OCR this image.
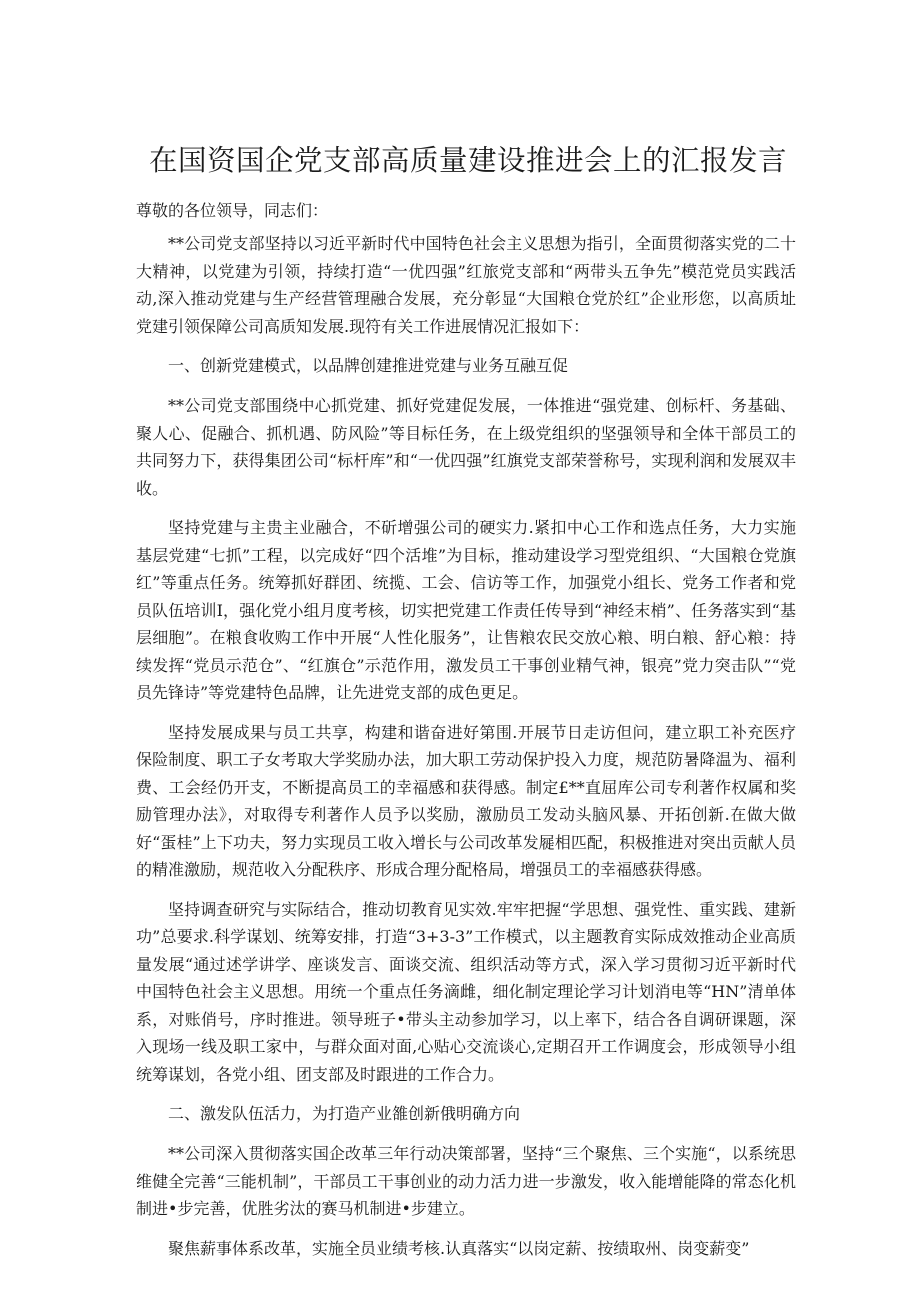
在国资国企党支部高质量建设推进会上的汇报发言
尊敬的各位领导，同志们：

**公司党支部坚持以习近平新时代中国特色社会主义思想为指引，全面贯彻落实党的二十大精神，以党建为引领，持续打造“一优四强”红旅党支部和“两带头五争先”模范党员实践活动,深入推动党建与生产经营管理融合发展，充分彰显“大国粮仓党於红”企业形您，以高质址党建引领保障公司高质知发展.现符有关工作进展情况汇报如下：

一、创新党建模式，以品牌创建推进党建与业务互融互促

**公司党支部围绕中心抓党建、抓好党建促发展，一体推进“强党建、创标杆、务基础、聚人心、促融合、抓机遇、防风险”等目标任务，在上级党组织的坚强领导和全体干部员工的共同努力下，获得集团公司“标杆库”和“一优四强”红旗党支部荣誉称号，实现利润和发展双丰收。

坚持党建与主贵主业融合，不斫增强公司的硬实力.紧扣中心工作和选点任务，大力实施基层党建“七抓”工程，以完成好“四个活堆”为目标，推动建设学习型党组织、“大国粮仓党旗红”等重点任务。统筹抓好群团、统揽、工会、信访等工作，加强党小组长、党务工作者和党员队伍培训I，强化党小组月度考核，切实把党建工作责任传导到“神经末梢”、任务落实到“基层细胞”。在粮食收购工作中开展“人性化服务”，让售粮农民交放心粮、明白粮、舒心粮：持续发挥“党员示范仓”、“红旗仓”示范作用，激发员工干事创业精气神，银亮”党力突击队”“党员先锋诗”等党建特色品牌，让先进党支部的成色更足。

坚持发展成果与员工共享，构建和谐奋进好第围.开展节日走访但问，建立职工补充医疗保险制度、职工子女考取大学奖励办法，加大职工劳动保护投入力度，规范防暑降温为、福利费、工会经仍开支，不断提高员工的幸福感和获得感。制定£**直屈库公司专利著作权属和奖励管理办法》，对取得专利著作人员予以奖励，激励员工发动头脑风暴、开拓创新.在做大做好“蛋桂”上下功夫，努力实现员工收入增长与公司改革发屣相匹配，积极推进对突出贡献人员的精准激励，规范收入分配秩序、形成合理分配格局，增强员工的幸福感获得感。

坚持调查研究与实际结合，推动切教育见实效.牢牢把握“学思想、强党性、重实践、建新功”总要求.科学谋划、统筹安排，打造“3+3-3”工作模式，以主题教育实际成效推动企业高质量发展“通过述学讲学、座谈发言、面谈交流、组织活动等方式，深入学习贯彻习近平新时代中国特色社会主义思想。用统一个重点任务滴雌，细化制定理论学习计划消电等“HN”清单体系，对账俏号，序时推进。领导班子•带头主动参加学习，以上率下，结合各自调研课题，深入现场一线及职工家中，与群众面对面,心贴心交流谈心,定期召开工作调度会，形成领导小组统筹谋划，各党小组、团支部及时跟进的工作合力。

二、激发队伍活力，为打造产业雒创新俄明确方向

**公司深入贯彻落实国企改革三年行动决策部署，坚持“三个聚焦、三个实施“，以系统思维健全完善“三能机制”，干部员工干事创业的动力活力进一步激发，收入能增能降的常态化机制进•步完善，优胜劣汰的赛马机制进•步建立。

聚焦薪事体系改革，实施全员业绩考核.认真落实“以岗定薪、按绩取州、岗变薪变”
